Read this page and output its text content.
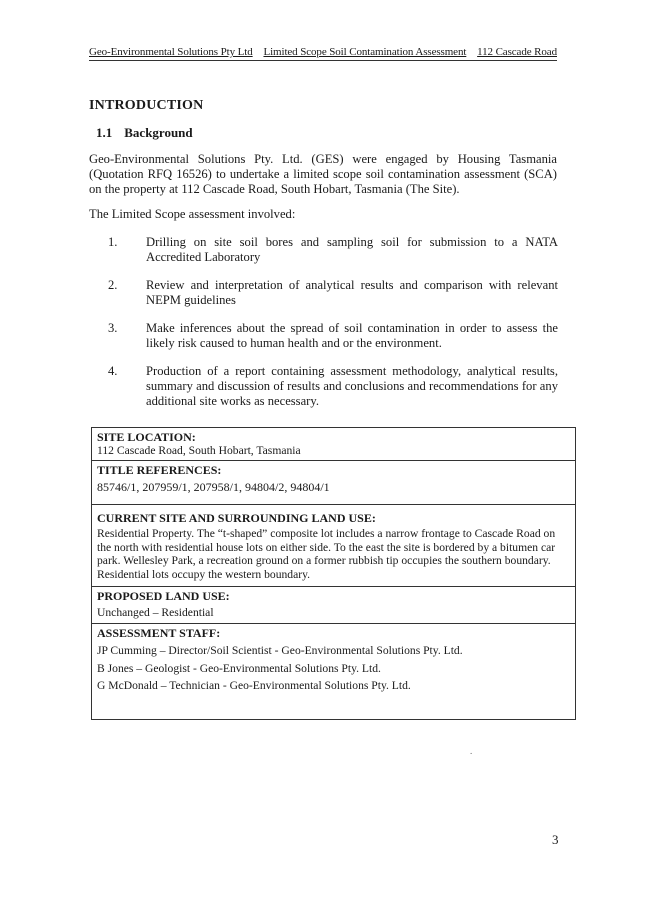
Geo-Environmental Solutions Pty Ltd Limited Scope Soil Contamination Assessment 112 Cascade Road
INTRODUCTION
1.1 Background
Geo-Environmental Solutions Pty. Ltd. (GES) were engaged by Housing Tasmania (Quotation RFQ 16526) to undertake a limited scope soil contamination assessment (SCA) on the property at 112 Cascade Road, South Hobart, Tasmania (The Site).
The Limited Scope assessment involved:
1. Drilling on site soil bores and sampling soil for submission to a NATA Accredited Laboratory
2. Review and interpretation of analytical results and comparison with relevant NEPM guidelines
3. Make inferences about the spread of soil contamination in order to assess the likely risk caused to human health and or the environment.
4. Production of a report containing assessment methodology, analytical results, summary and discussion of results and conclusions and recommendations for any additional site works as necessary.
SITE LOCATION:
112 Cascade Road, South Hobart, Tasmania
TITLE REFERENCES:
85746/1, 207959/1, 207958/1, 94804/2, 94804/1
CURRENT SITE AND SURROUNDING LAND USE:
Residential Property. The “t-shaped” composite lot includes a narrow frontage to Cascade Road on the north with residential house lots on either side. To the east the site is bordered by a bitumen car park. Wellesley Park, a recreation ground on a former rubbish tip occupies the southern boundary. Residential lots occupy the western boundary.
PROPOSED LAND USE:
Unchanged – Residential
ASSESSMENT STAFF:
JP Cumming – Director/Soil Scientist - Geo-Environmental Solutions Pty. Ltd.
B Jones – Geologist - Geo-Environmental Solutions Pty. Ltd.
G McDonald – Technician - Geo-Environmental Solutions Pty. Ltd.
.
3
